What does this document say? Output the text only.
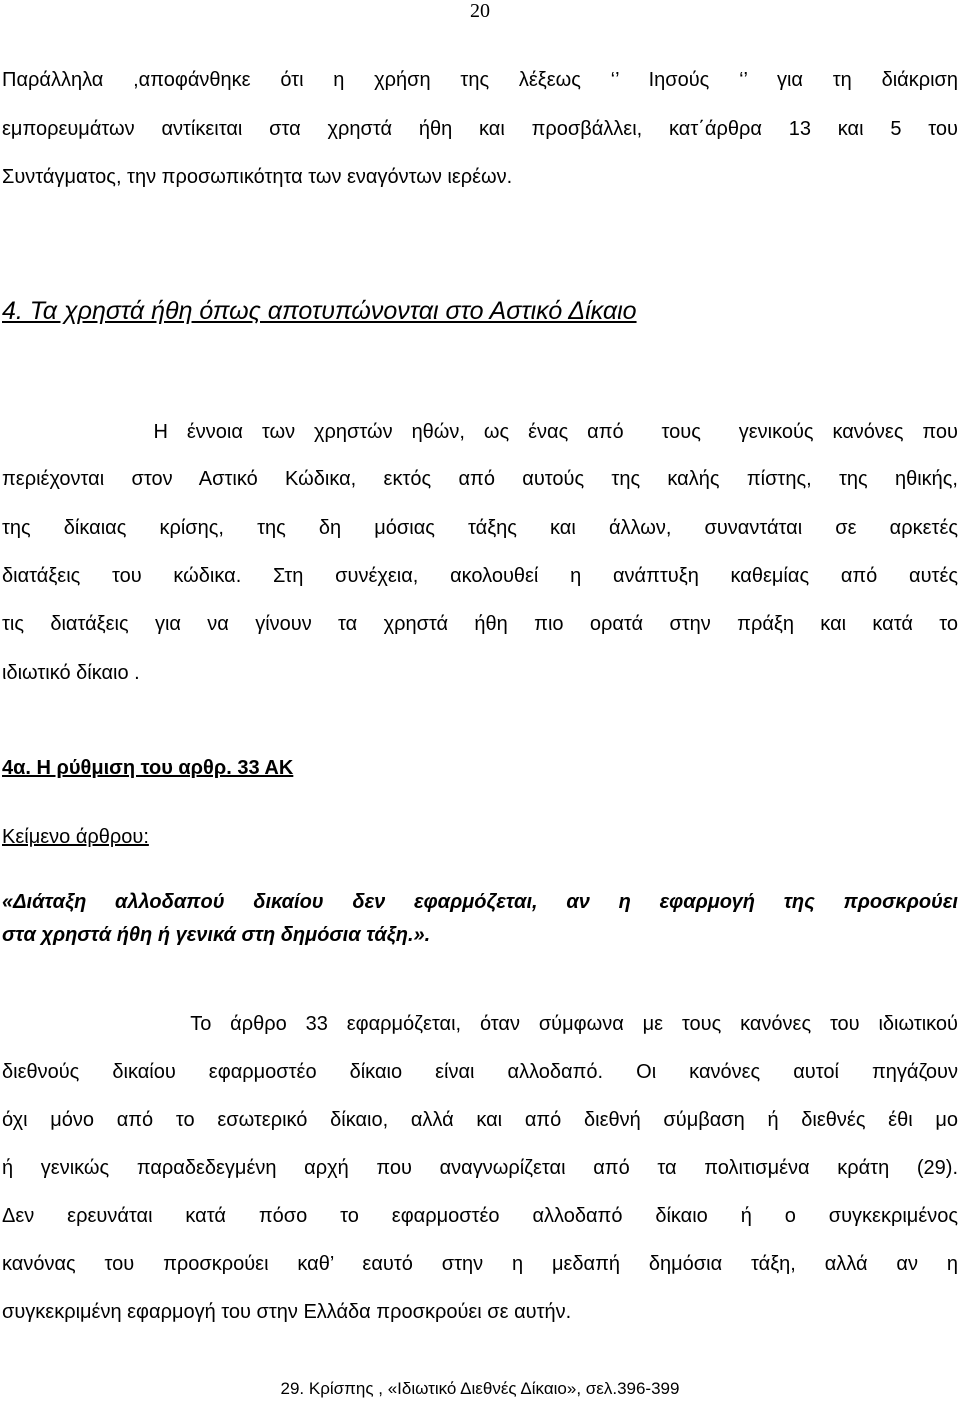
20
Παράλληλα ,αποφάνθηκε ότι η χρήση της λέξεως ‘’ Ιησούς ‘’ για τη διάκριση
εμπορευμάτων αντίκειται στα χρηστά ήθη και προσβάλλει, κατ΄άρθρα 13 και 5 του
Συντάγματος, την προσωπικότητα των εναγόντων ιερέων.
4. Τα χρηστά ήθη όπως αποτυπώνονται στο Αστικό Δίκαιο
Η έννοια των χρηστών ηθών, ως ένας από  τους  γενικούς κανόνες που
περιέχονται στον Αστικό Κώδικα, εκτός από αυτούς της καλής πίστης, της ηθικής,
της δίκαιας κρίσης, της δη μόσιας τάξης και άλλων, συναντάται σε αρκετές
διατάξεις του κώδικα. Στη συνέχεια, ακολουθεί η ανάπτυξη καθεμίας από αυτές
τις διατάξεις για να γίνουν τα χρηστά ήθη πιο ορατά στην πράξη και κατά το
ιδιωτικό δίκαιο .
4α. Η ρύθμιση του αρθρ. 33 ΑΚ
Κείμενο άρθρου:
«Διάταξη αλλοδαπού δικαίου δεν εφαρμόζεται, αν η εφαρμογή της προσκρούει
στα χρηστά ήθη ή γενικά στη δημόσια τάξη.».
Το άρθρο 33 εφαρμόζεται, όταν σύμφωνα με τους κανόνες του ιδιωτικού
διεθνούς δικαίου εφαρμοστέο δίκαιο είναι αλλοδαπό. Οι κανόνες αυτοί πηγάζουν
όχι μόνο από το εσωτερικό δίκαιο, αλλά και από διεθνή σύμβαση ή διεθνές έθι μο
ή γενικώς παραδεδεγμένη αρχή που αναγνωρίζεται από τα πολιτισμένα κράτη (29).
Δεν ερευνάται κατά πόσο το εφαρμοστέο αλλοδαπό δίκαιο ή ο συγκεκριμένος
κανόνας του προσκρούει καθ’ εαυτό στην η μεδαπή δημόσια τάξη, αλλά αν η
συγκεκριμένη εφαρμογή του στην Ελλάδα προσκρούει σε αυτήν.
29. Κρίσπης , «Ιδιωτικό Διεθνές Δίκαιο», σελ.396-399
